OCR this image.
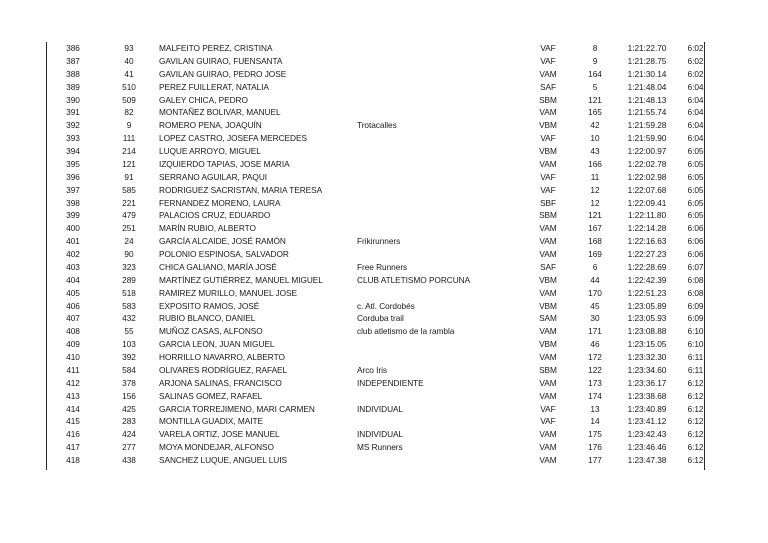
386	93	MALFEITO PEREZ, CRISTINA		VAF	8	1:21:22.70	6:02
387	40	GAVILAN GUIRAO, FUENSANTA		VAF	9	1:21:28.75	6:02
388	41	GAVILAN GUIRAO, PEDRO JOSE		VAM	164	1:21:30.14	6:02
389	510	PEREZ FUILLERAT, NATALIA		SAF	5	1:21:48.04	6:04
390	509	GALEY CHICA, PEDRO		SBM	121	1:21:48.13	6:04
391	82	MONTAÑEZ BOLIVAR, MANUEL		VAM	165	1:21:55.74	6:04
392	9	ROMERO PENA, JOAQUÍN	Trotacalles	VBM	42	1:21:59.28	6:04
393	111	LOPEZ CASTRO, JOSEFA MERCEDES		VAF	10	1:21:59.90	6:04
394	214	LUQUE ARROYO, MIGUEL		VBM	43	1:22:00.97	6:05
395	121	IZQUIERDO TAPIAS, JOSE MARIA		VAM	166	1:22:02.78	6:05
396	91	SERRANO AGUILAR, PAQUI		VAF	11	1:22:02.98	6:05
397	585	RODRIGUEZ SACRISTAN, MARIA TERESA		VAF	12	1:22:07.68	6:05
398	221	FERNANDEZ MORENO, LAURA		SBF	12	1:22:09.41	6:05
399	479	PALACIOS CRUZ, EDUARDO		SBM	121	1:22:11.80	6:05
400	251	MARÍN RUBIO, ALBERTO		VAM	167	1:22:14.28	6:06
401	24	GARCÍA ALCAIDE, JOSÉ RAMÓN	Frikirunners	VAM	168	1:22:16.63	6:06
402	90	POLONIO ESPINOSA, SALVADOR		VAM	169	1:22:27.23	6:06
403	323	CHICA GALIANO, MARÍA JOSÉ	Free Runners	SAF	6	1:22:28.69	6:07
404	289	MARTÍNEZ GUTIÉRREZ, MANUEL MIGUEL	CLUB ATLETISMO PORCUNA	VBM	44	1:22:42.39	6:08
405	518	RAMIREZ MURILLO, MANUEL JOSE		VAM	170	1:22:51.23	6:08
406	583	EXPOSITO RAMOS, JOSÉ	c. Atl. Cordobés	VBM	45	1:23:05.89	6:09
407	432	RUBIO BLANCO, DANIEL	Corduba trail	SAM	30	1:23:05.93	6:09
408	55	MUÑOZ CASAS, ALFONSO	club atletismo de la rambla	VAM	171	1:23:08.88	6:10
409	103	GARCIA LEON, JUAN MIGUEL		VBM	46	1:23:15.05	6:10
410	392	HORRILLO NAVARRO, ALBERTO		VAM	172	1:23:32.30	6:11
411	584	OLIVARES RODRÍGUEZ, RAFAEL	Arco Iris	SBM	122	1:23:34.60	6:11
412	378	ARJONA SALINAS, FRANCISCO	INDEPENDIENTE	VAM	173	1:23:36.17	6:12
413	156	SALINAS GOMEZ, RAFAEL		VAM	174	1:23:38.68	6:12
414	425	GARCIA TORREJIMENO, MARI CARMEN	INDIVIDUAL	VAF	13	1:23:40.89	6:12
415	283	MONTILLA GUADIX, MAITE		VAF	14	1:23:41.12	6:12
416	424	VARELA ORTIZ, JOSE MANUEL	INDIVIDUAL	VAM	175	1:23:42.43	6:12
417	277	MOYA MONDEJAR, ALFONSO	MS Runners	VAM	176	1:23:46.46	6:12
418	438	SANCHEZ LUQUE, ANGUEL LUIS		VAM	177	1:23:47.38	6:12
